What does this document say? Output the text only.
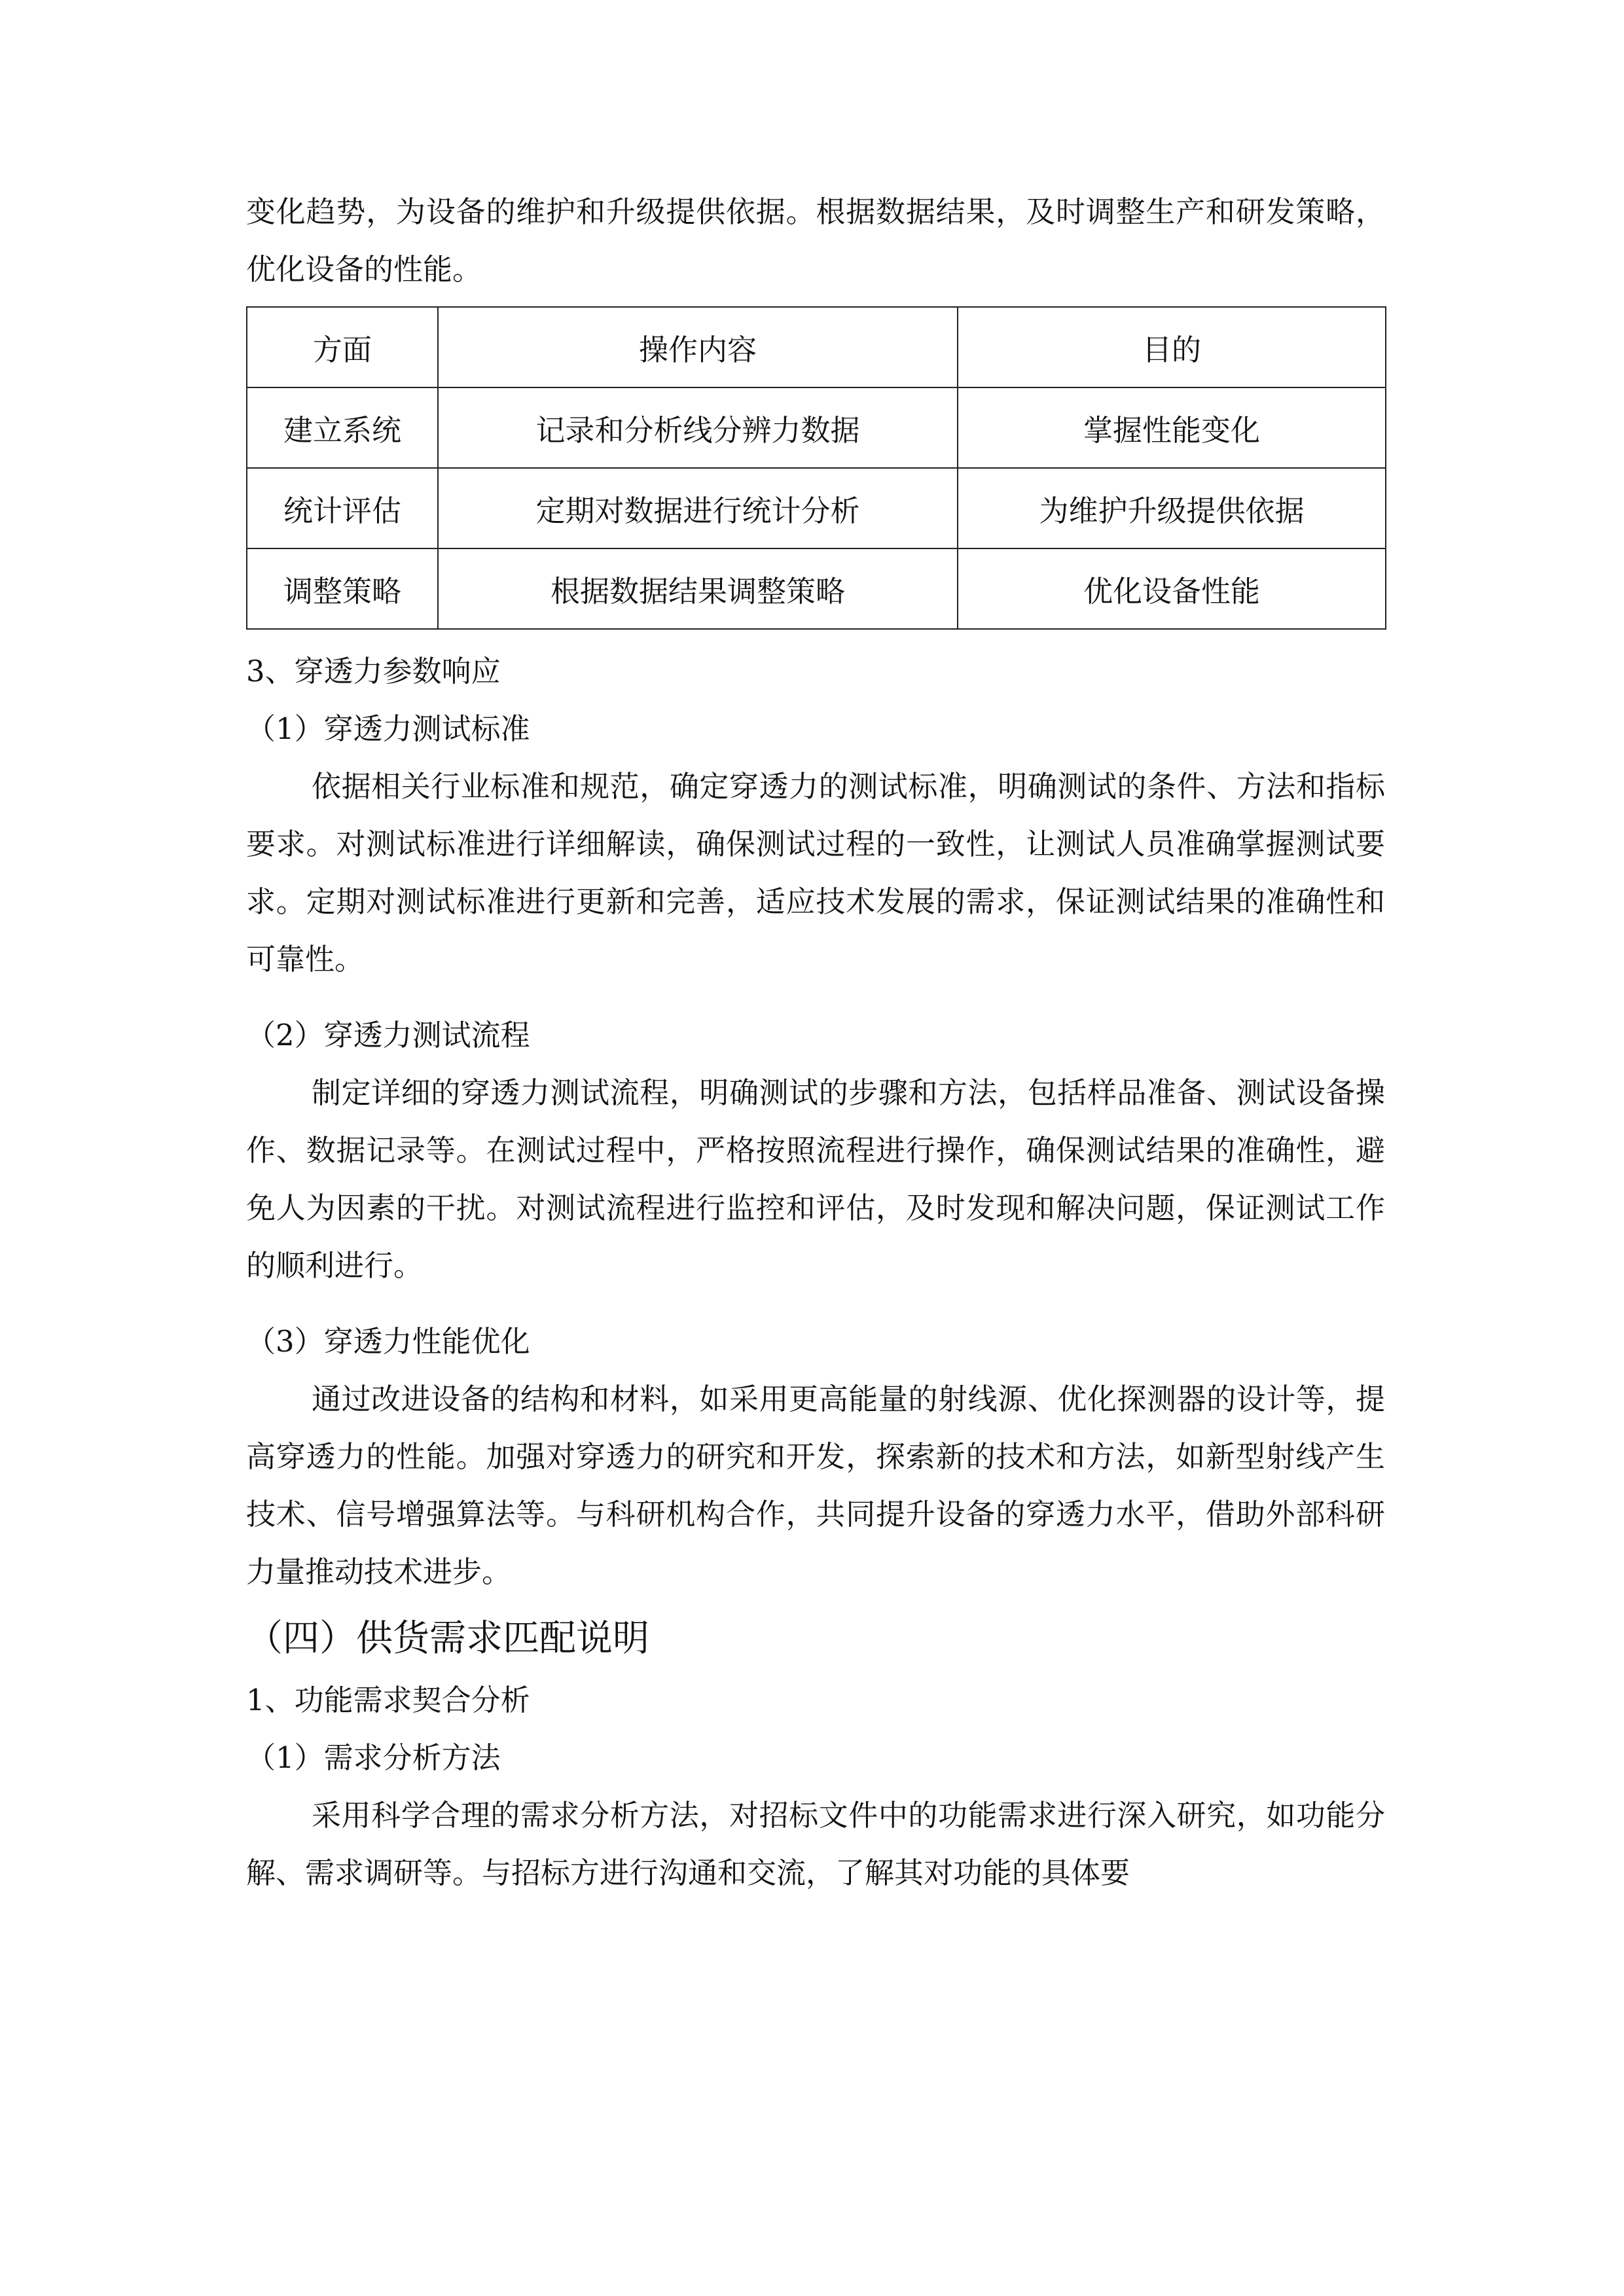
变化趋势，为设备的维护和升级提供依据。根据数据结果，及时调整生产和研发策略，优化设备的性能。

方面	操作内容	目的
建立系统	记录和分析线分辨力数据	掌握性能变化
统计评估	定期对数据进行统计分析	为维护升级提供依据
调整策略	根据数据结果调整策略	优化设备性能

3、穿透力参数响应

（1）穿透力测试标准

依据相关行业标准和规范，确定穿透力的测试标准，明确测试的条件、方法和指标要求。对测试标准进行详细解读，确保测试过程的一致性，让测试人员准确掌握测试要求。定期对测试标准进行更新和完善，适应技术发展的需求，保证测试结果的准确性和可靠性。

（2）穿透力测试流程

制定详细的穿透力测试流程，明确测试的步骤和方法，包括样品准备、测试设备操作、数据记录等。在测试过程中，严格按照流程进行操作，确保测试结果的准确性，避免人为因素的干扰。对测试流程进行监控和评估，及时发现和解决问题，保证测试工作的顺利进行。

（3）穿透力性能优化

通过改进设备的结构和材料，如采用更高能量的射线源、优化探测器的设计等，提高穿透力的性能。加强对穿透力的研究和开发，探索新的技术和方法，如新型射线产生技术、信号增强算法等。与科研机构合作，共同提升设备的穿透力水平，借助外部科研力量推动技术进步。

（四）供货需求匹配说明

1、功能需求契合分析

（1）需求分析方法

采用科学合理的需求分析方法，对招标文件中的功能需求进行深入研究，如功能分解、需求调研等。与招标方进行沟通和交流，了解其对功能的具体要
